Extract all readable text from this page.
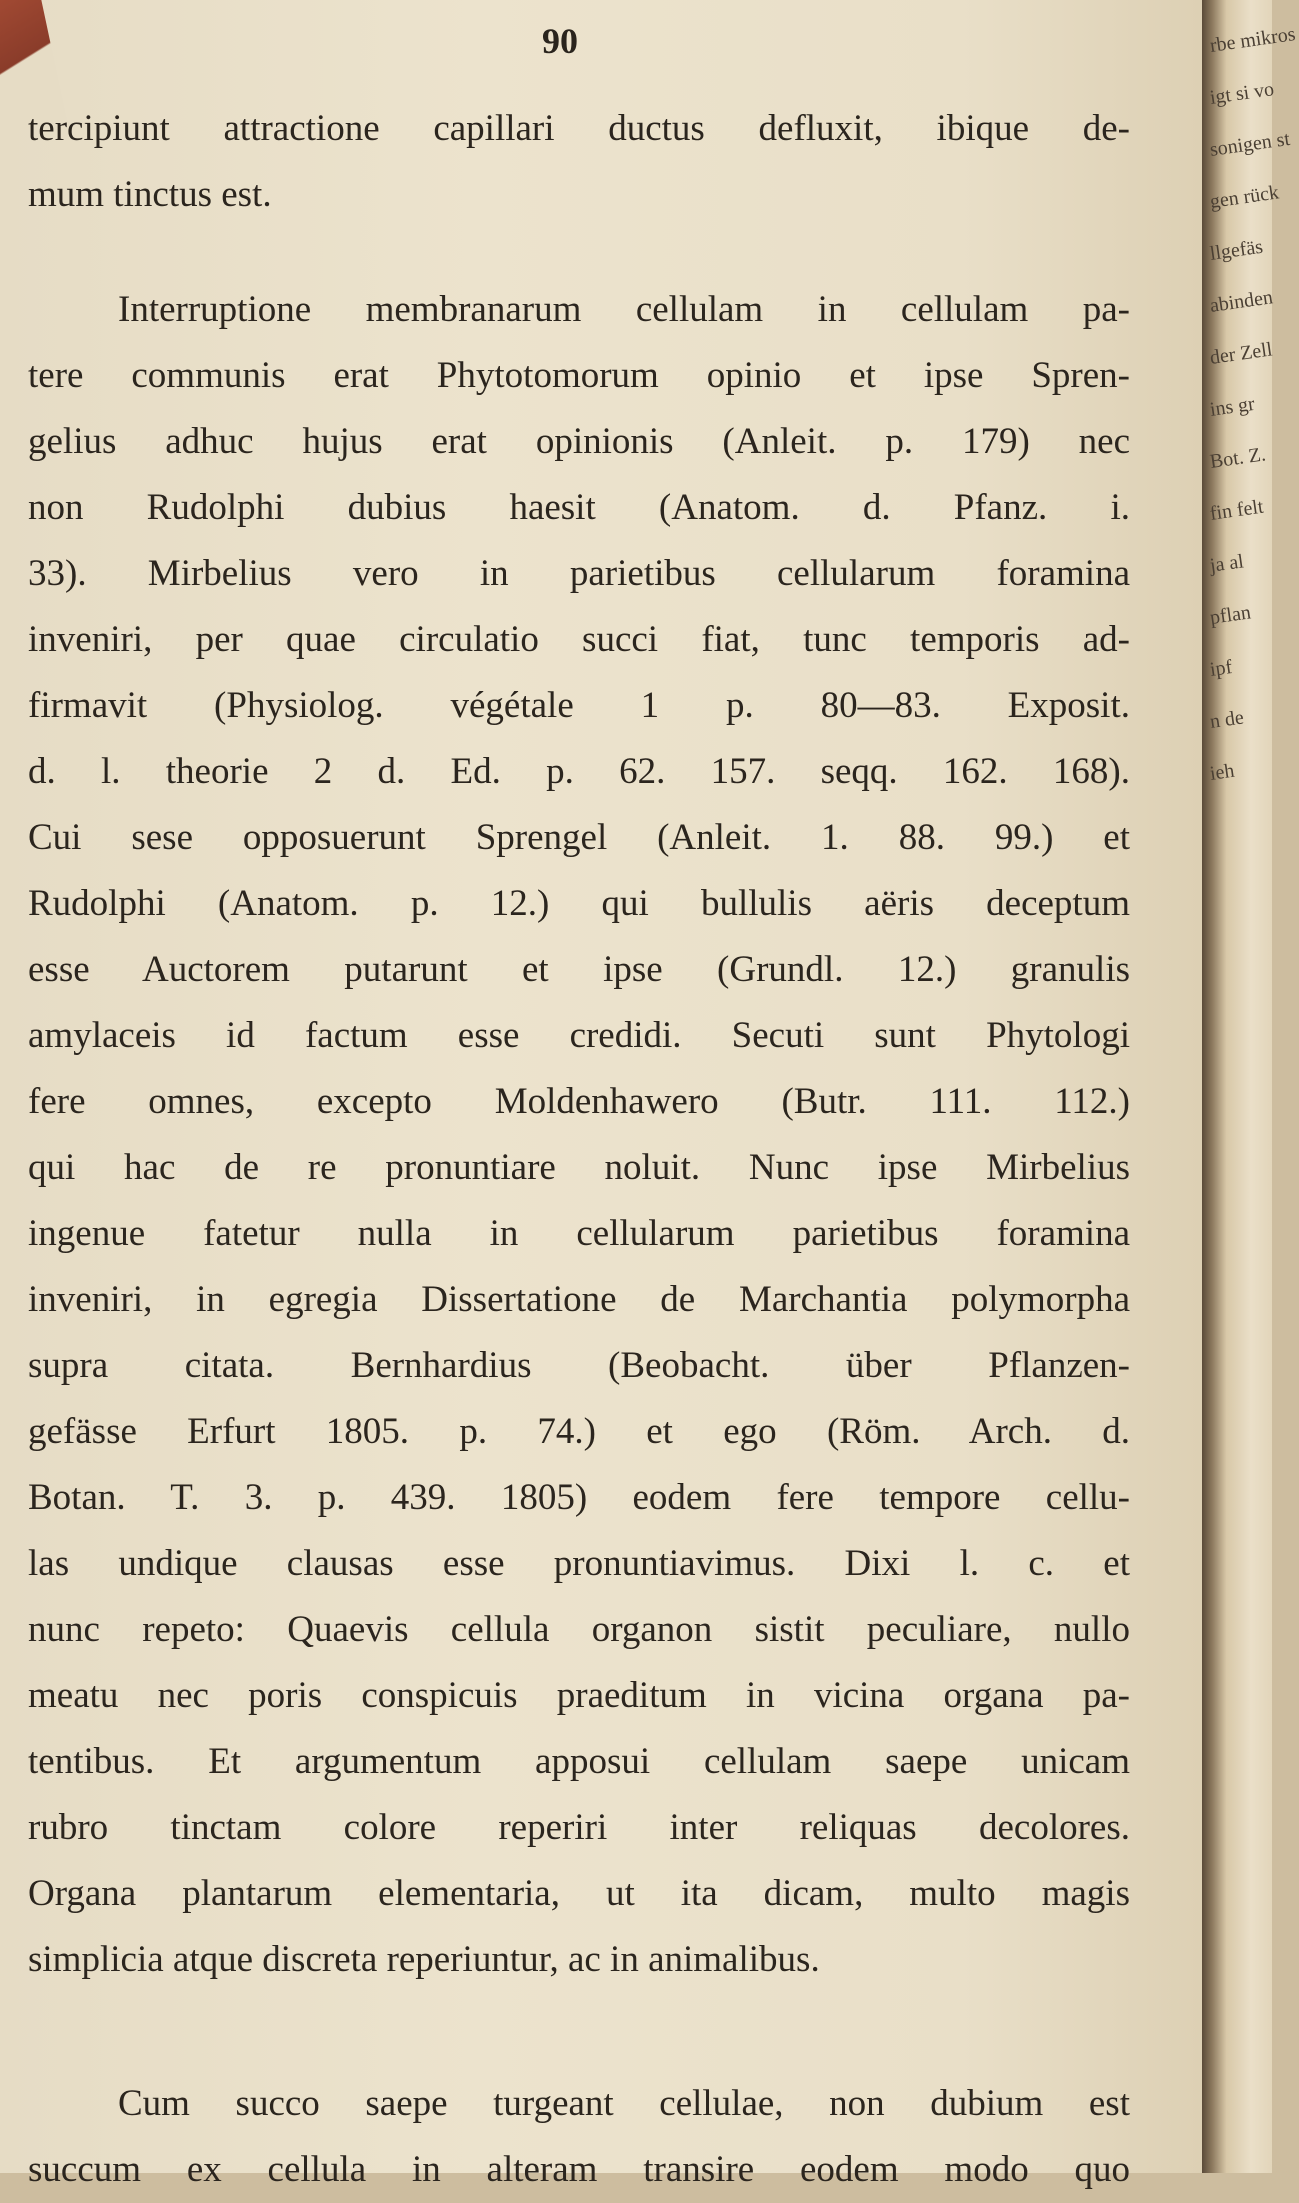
90
tercipiunt attractione capillari ductus defluxit, ibique de-
mum tinctus est.
Interruptione membranarum cellulam in cellulam pa-
tere communis erat Phytotomorum opinio et ipse Spren-
gelius adhuc hujus erat opinionis (Anleit. p. 179) nec
non Rudolphi dubius haesit (Anatom. d. Pfanz. i.
33). Mirbelius vero in parietibus cellularum foramina
inveniri, per quae circulatio succi fiat, tunc temporis ad-
firmavit (Physiolog. végétale 1 p. 80—83. Exposit.
d. l. theorie 2 d. Ed. p. 62. 157. seqq. 162. 168).
Cui sese opposuerunt Sprengel (Anleit. 1. 88. 99.) et
Rudolphi (Anatom. p. 12.) qui bullulis aëris deceptum
esse Auctorem putarunt et ipse (Grundl. 12.) granulis
amylaceis id factum esse credidi. Secuti sunt Phytologi
fere omnes, excepto Moldenhawero (Butr. 111. 112.)
qui hac de re pronuntiare noluit. Nunc ipse Mirbelius
ingenue fatetur nulla in cellularum parietibus foramina
inveniri, in egregia Dissertatione de Marchantia polymorpha
supra citata. Bernhardius (Beobacht. über Pflanzen-
gefässe Erfurt 1805. p. 74.) et ego (Röm. Arch. d.
Botan. T. 3. p. 439. 1805) eodem fere tempore cellu-
las undique clausas esse pronuntiavimus. Dixi l. c. et
nunc repeto: Quaevis cellula organon sistit peculiare, nullo
meatu nec poris conspicuis praeditum in vicina organa pa-
tentibus. Et argumentum apposui cellulam saepe unicam
rubro tinctam colore reperiri inter reliquas decolores.
Organa plantarum elementaria, ut ita dicam, multo magis
simplicia atque discreta reperiuntur, ac in animalibus.
Cum succo saepe turgeant cellulae, non dubium est
succum ex cellula in alteram transire eodem modo quo
rbe mikros
igt si vo
sonigen st
gen rück
llgefäs
abinden
der Zell
ins gr
Bot. Z.
fin felt
ja al
pflan
ipf
n de
ieh
